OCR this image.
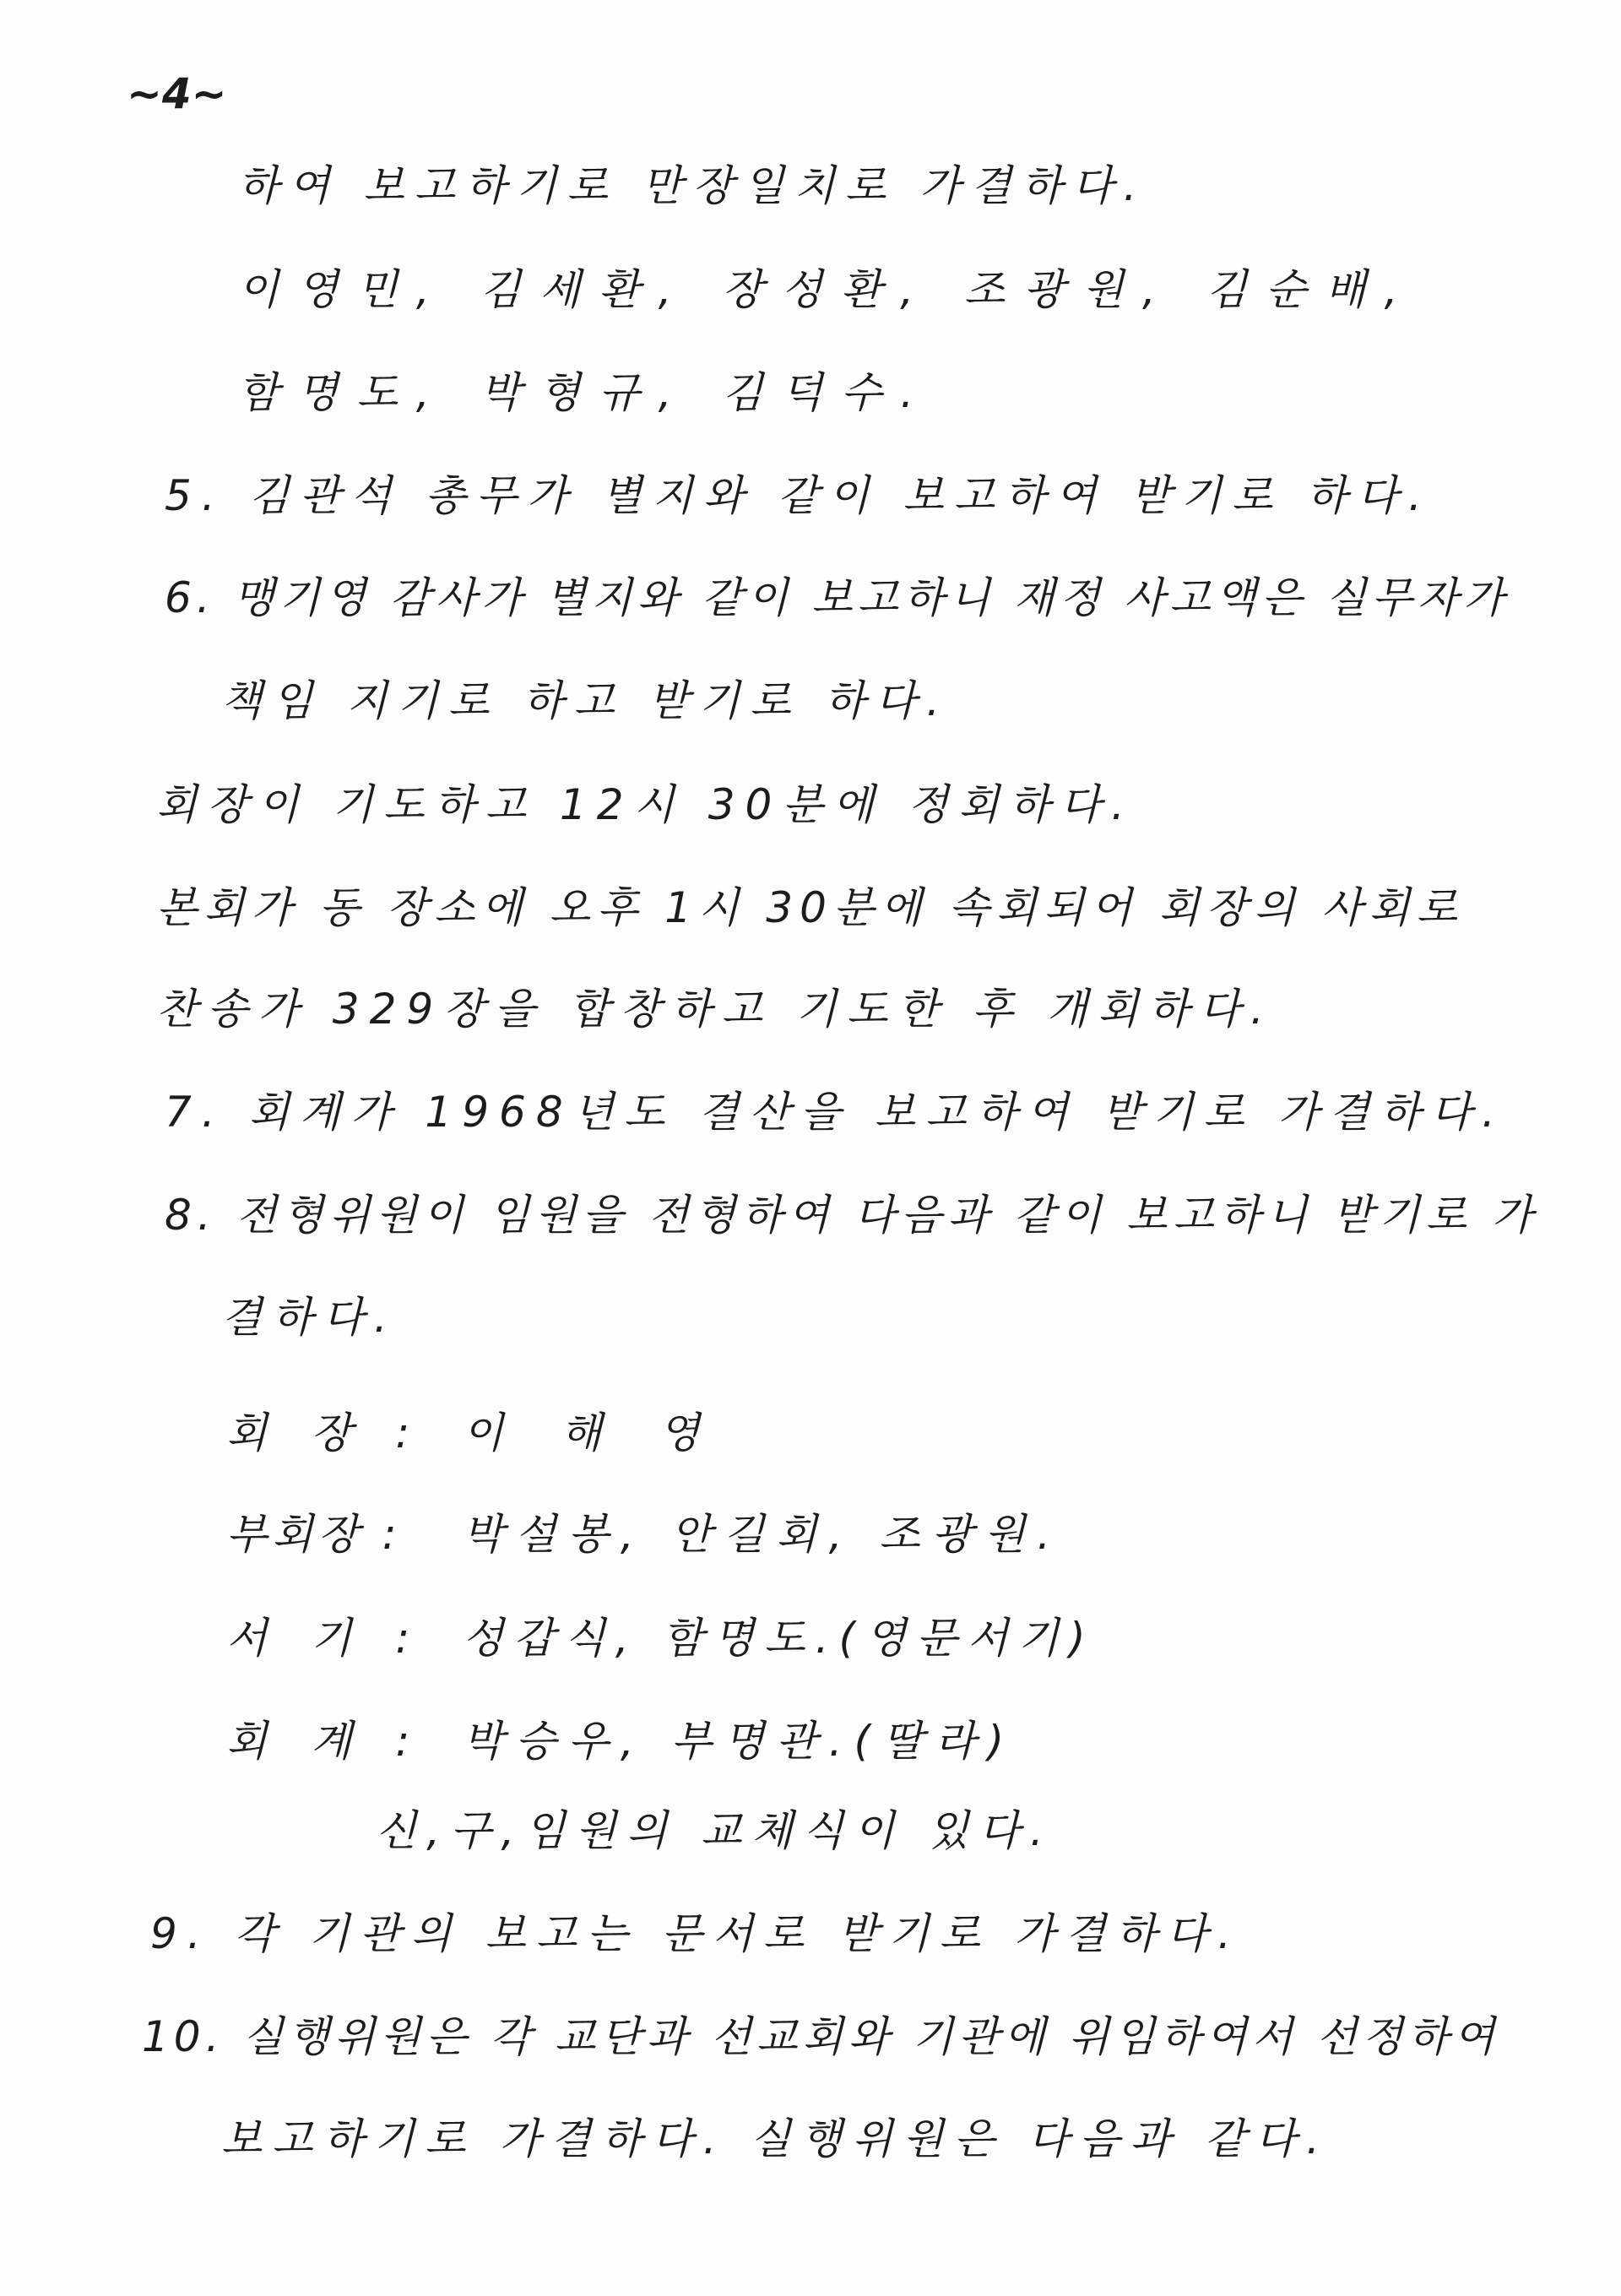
~4~
하여 보고하기로 만장일치로 가결하다.
이영민, 김세환, 장성환, 조광원, 김순배,
함명도, 박형규, 김덕수.
5. 김관석 총무가 별지와 같이 보고하여 받기로 하다.
6. 맹기영 감사가 별지와 같이 보고하니 재정 사고액은 실무자가
책임 지기로 하고 받기로 하다.
회장이 기도하고 12시 30분에 정회하다.
본회가 동 장소에 오후 1시 30분에 속회되어 회장의 사회로
찬송가 329장을 합창하고 기도한 후 개회하다.
7. 회계가 1968년도 결산을 보고하여 받기로 가결하다.
8. 전형위원이 임원을 전형하여 다음과 같이 보고하니 받기로 가
결하다.
회 장 : 이 해 영
부회장 : 박설봉, 안길회, 조광원.
서 기 : 성갑식, 함명도.(영문서기)
회 계 : 박승우, 부명관.(딸라)
신,구,임원의 교체식이 있다.
9. 각 기관의 보고는 문서로 받기로 가결하다.
10. 실행위원은 각 교단과 선교회와 기관에 위임하여서 선정하여
보고하기로 가결하다. 실행위원은 다음과 같다.
